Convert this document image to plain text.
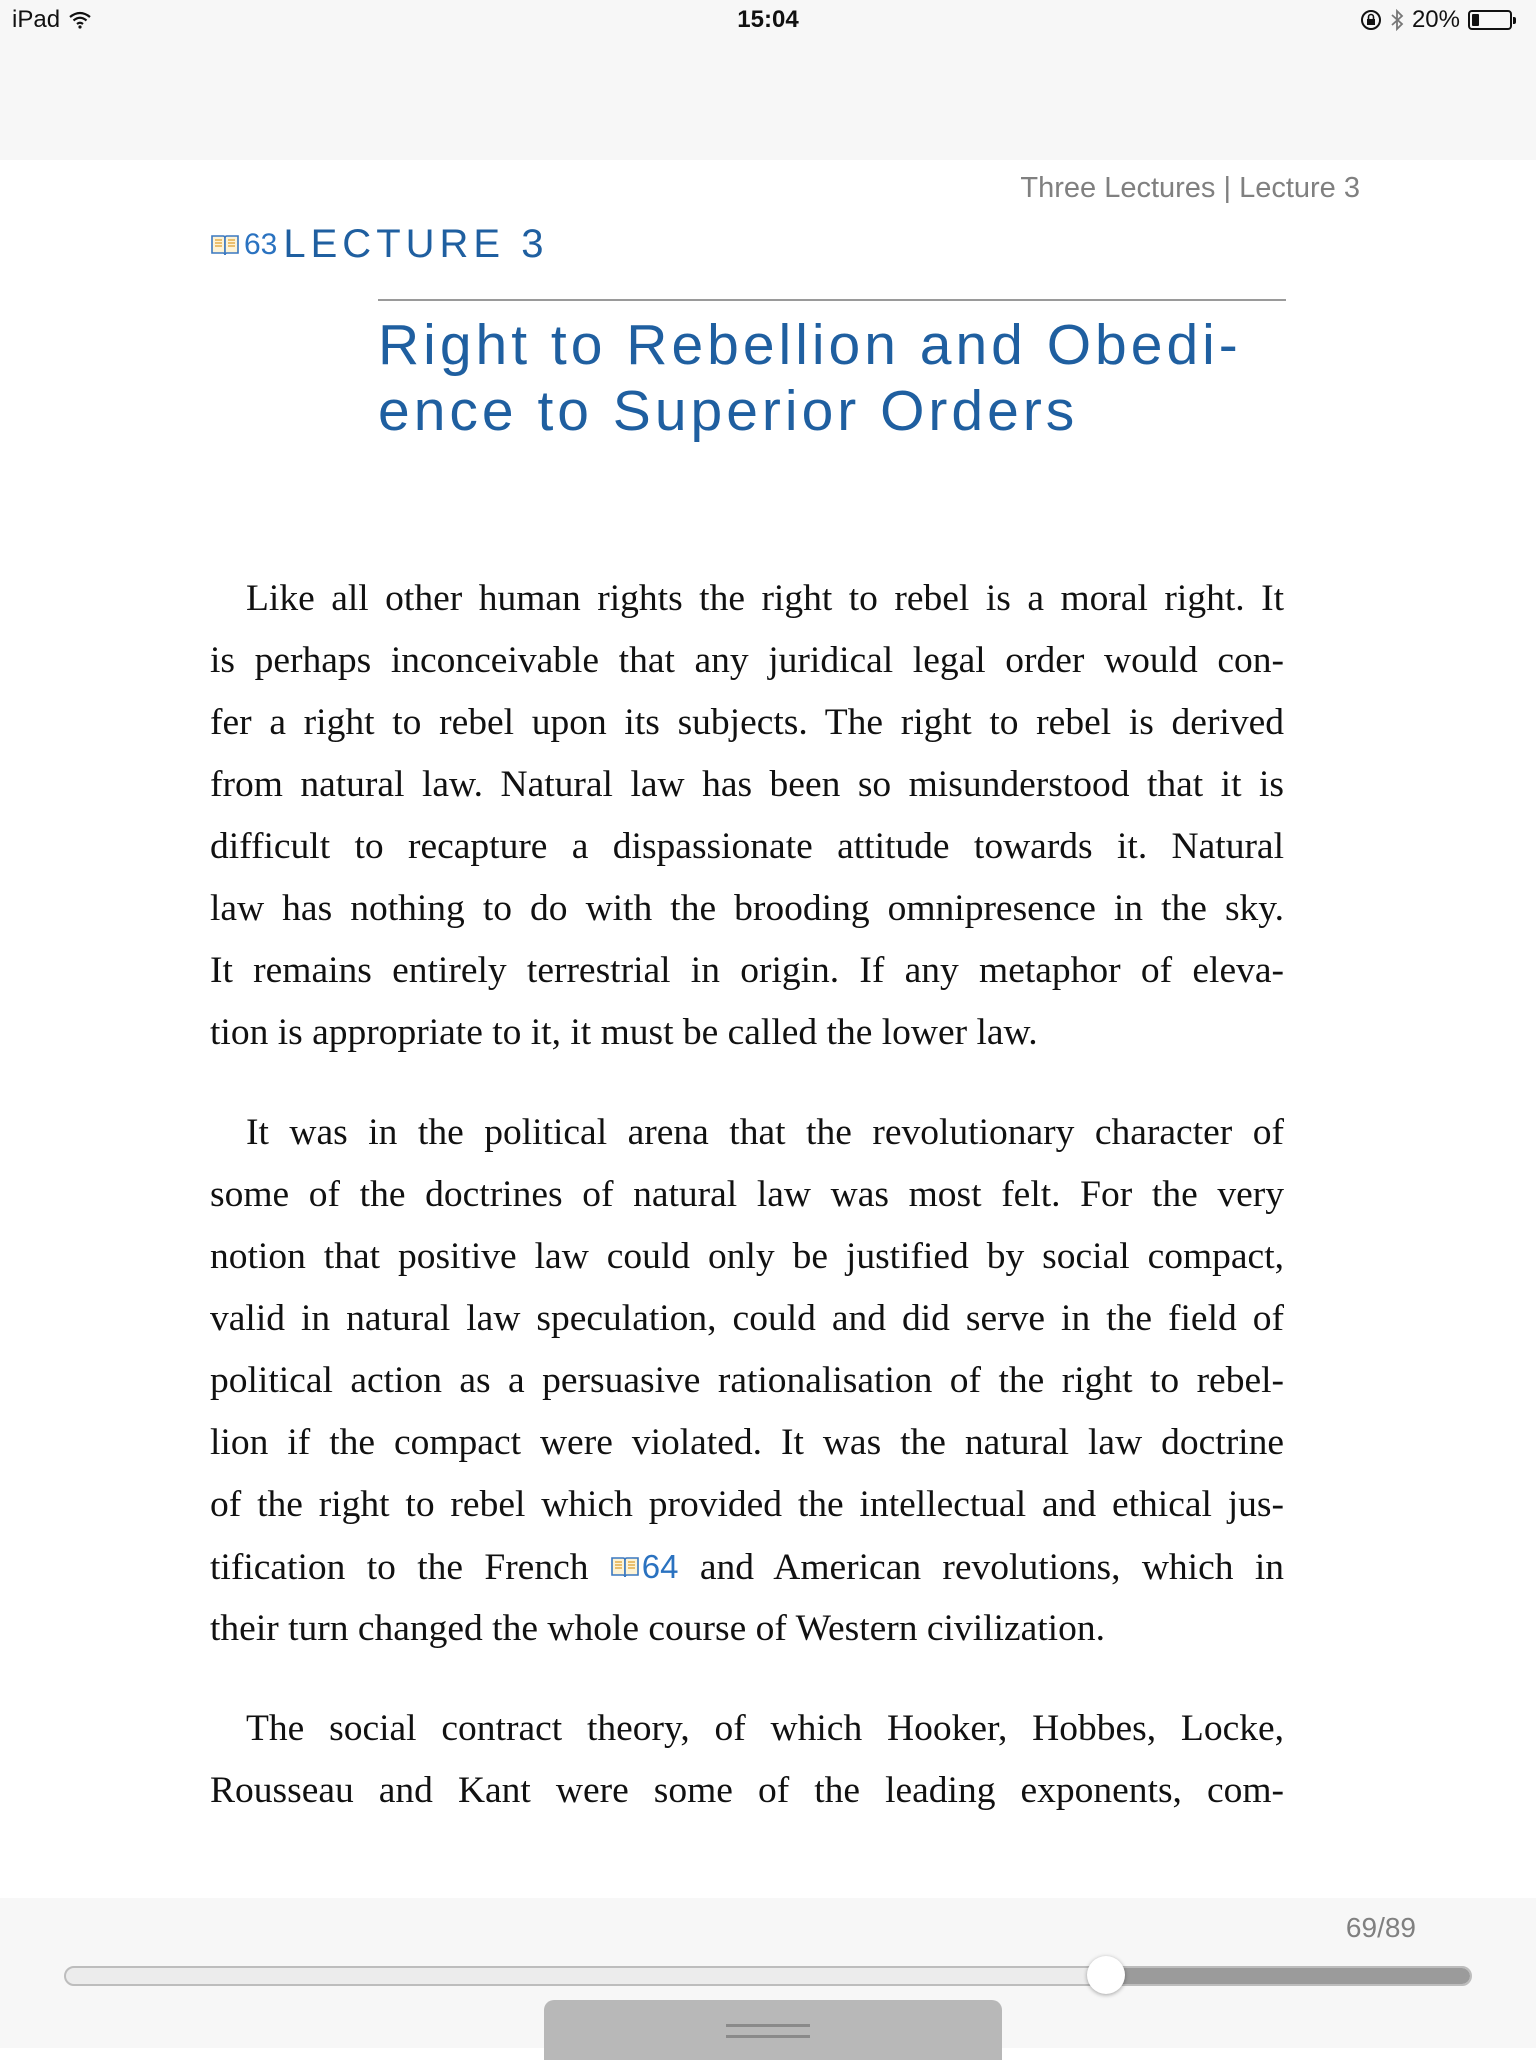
iPad	15:04	20%
Three Lectures | Lecture 3
63 LECTURE 3
Right to Rebellion and Obedi-
ence to Superior Orders
Like all other human rights the right to rebel is a moral right. It
is perhaps inconceivable that any juridical legal order would con-
fer a right to rebel upon its subjects. The right to rebel is derived
from natural law. Natural law has been so misunderstood that it is
difficult to recapture a dispassionate attitude towards it. Natural
law has nothing to do with the brooding omnipresence in the sky.
It remains entirely terrestrial in origin. If any metaphor of eleva-
tion is appropriate to it, it must be called the lower law.
It was in the political arena that the revolutionary character of
some of the doctrines of natural law was most felt. For the very
notion that positive law could only be justified by social compact,
valid in natural law speculation, could and did serve in the field of
political action as a persuasive rationalisation of the right to rebel-
lion if the compact were violated. It was the natural law doctrine
of the right to rebel which provided the intellectual and ethical jus-
tification to the French 64 and American revolutions, which in
their turn changed the whole course of Western civilization.
The social contract theory, of which Hooker, Hobbes, Locke,
Rousseau and Kant were some of the leading exponents, com-
69/89
